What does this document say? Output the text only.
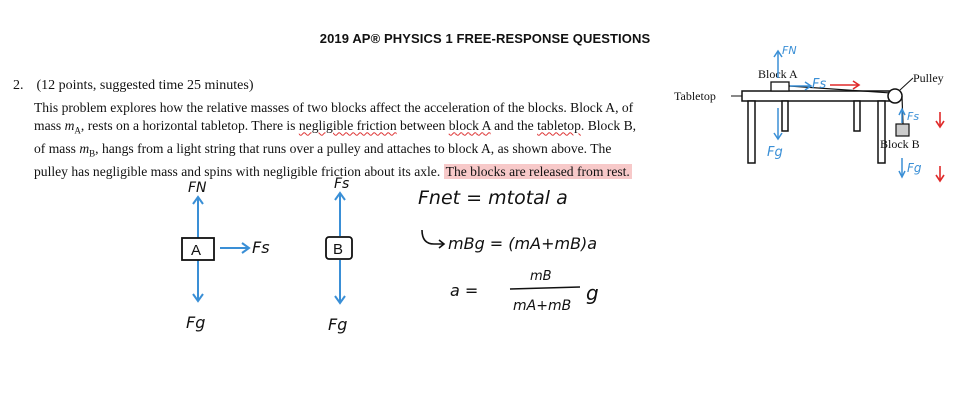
2019 AP® PHYSICS 1 FREE-RESPONSE QUESTIONS
2. (12 points, suggested time 25 minutes)

This problem explores how the relative masses of two blocks affect the acceleration of the blocks. Block A, of

mass $m_A$, rests on a horizontal tabletop. There is negligible friction between block A and the tabletop. Block B,

of mass $m_B$, hangs from a light string that runs over a pulley and attaches to block A, as shown above. The

pulley has negligible mass and spins with negligible friction about its axle. The blocks are released from rest.

Block A
Block B
Tabletop
Pulley
FN
Fs
Fg
Fs
Fg
A
FN
Fs
Fg
B
Fs
Fg
Fnet = mtotal a
mBg = (mA+mB)a
a =
mB
mA+mB
g
